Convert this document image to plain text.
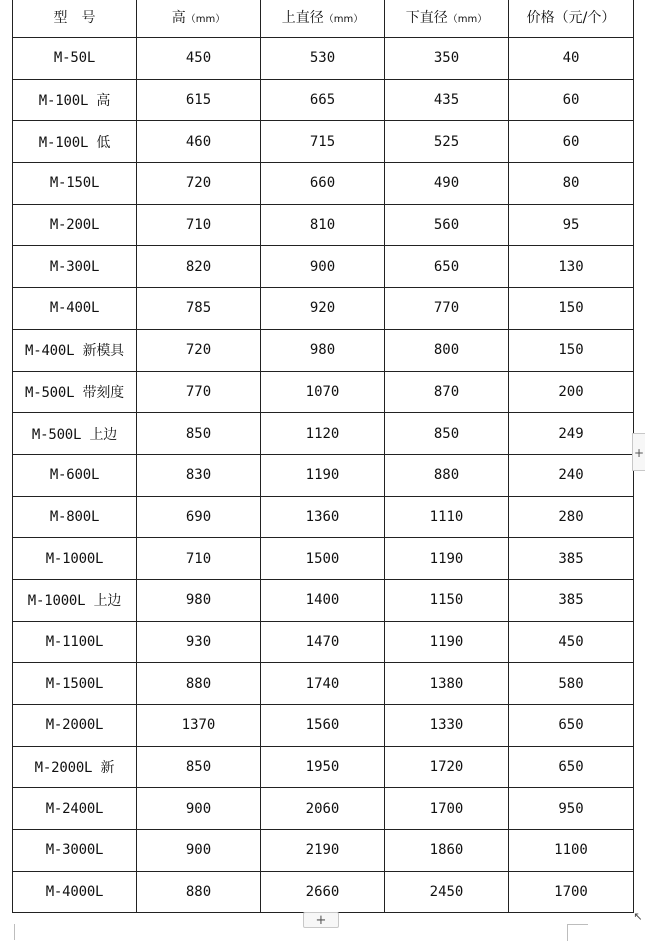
型　号	高（mm）	上直径（mm）	下直径（mm）	价格（元/个）
M-50L	450	530	350	40
M-100L 高	615	665	435	60
M-100L 低	460	715	525	60
M-150L	720	660	490	80
M-200L	710	810	560	95
M-300L	820	900	650	130
M-400L	785	920	770	150
M-400L 新模具	720	980	800	150
M-500L 带刻度	770	1070	870	200
M-500L 上边	850	1120	850	249
M-600L	830	1190	880	240
M-800L	690	1360	1110	280
M-1000L	710	1500	1190	385
M-1000L 上边	980	1400	1150	385
M-1100L	930	1470	1190	450
M-1500L	880	1740	1380	580
M-2000L	1370	1560	1330	650
M-2000L 新	850	1950	1720	650
M-2400L	900	2060	1700	950
M-3000L	900	2190	1860	1100
M-4000L	880	2660	2450	1700
+
+	↖
